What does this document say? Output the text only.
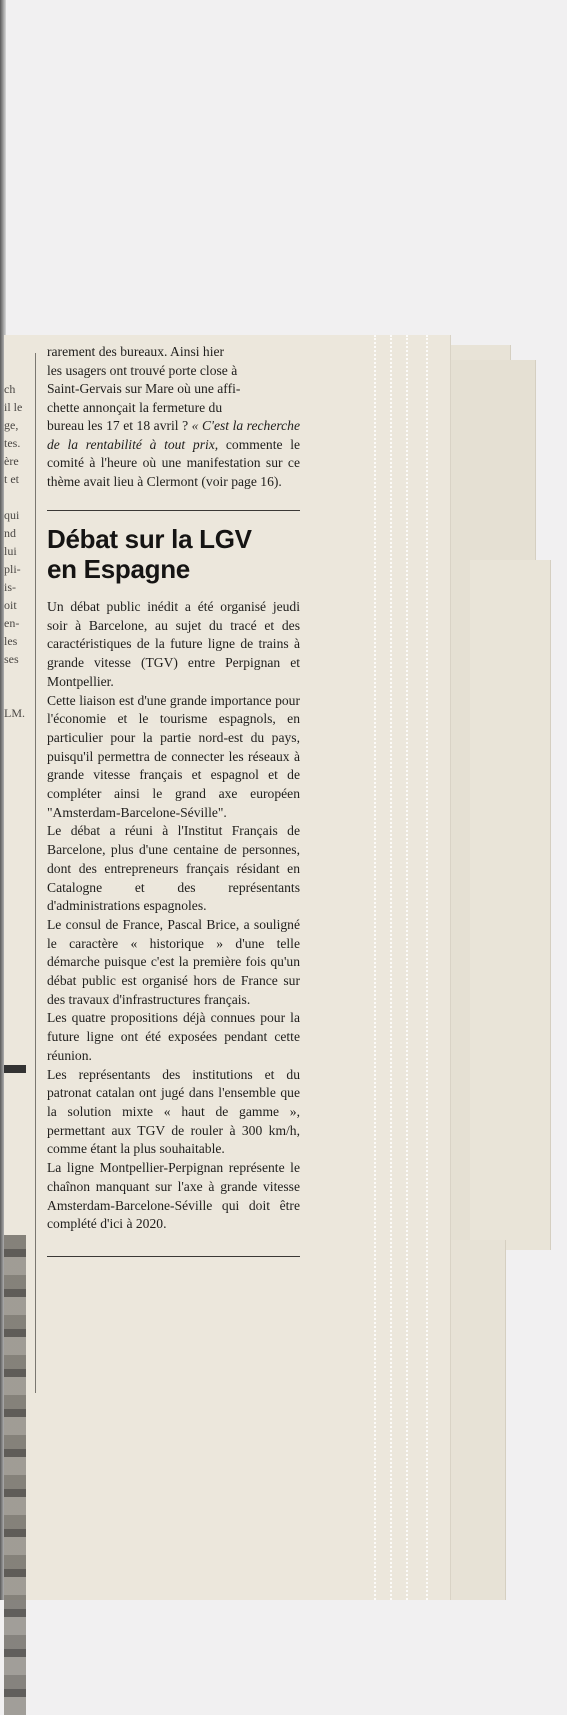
ch
il le
ge,
tes.
ère
t et

qui
nd
lui
pli-
is-
oit
en-
les
ses

LM.

rarement des bureaux. Ainsi hier

les usagers ont trouvé porte close à

Saint-Gervais sur Mare où une affi-

chette annonçait la fermeture du

bureau les 17 et 18 avril ? « C'est la recherche de la rentabilité à tout prix, commente le comité à l'heure où une manifestation sur ce thème avait lieu à Clermont (voir page 16).

Débat sur la LGV
en Espagne

Un débat public inédit a été organisé jeudi soir à Barcelone, au sujet du tracé et des caractéristiques de la future ligne de trains à grande vitesse (TGV) entre Perpignan et Montpellier.

Cette liaison est d'une grande importance pour l'économie et le tourisme espagnols, en particulier pour la partie nord-est du pays, puisqu'il permettra de connecter les réseaux à grande vitesse français et espagnol et de compléter ainsi le grand axe européen "Amsterdam-Barcelone-Séville".

Le débat a réuni à l'Institut Français de Barcelone, plus d'une centaine de personnes, dont des entrepreneurs français résidant en Catalogne et des représentants d'administrations espagnoles.

Le consul de France, Pascal Brice, a souligné le caractère « historique » d'une telle démarche puisque c'est la première fois qu'un débat public est organisé hors de France sur des travaux d'infrastructures français.

Les quatre propositions déjà connues pour la future ligne ont été exposées pendant cette réunion.

Les représentants des institutions et du patronat catalan ont jugé dans l'ensemble que la solution mixte « haut de gamme », permettant aux TGV de rouler à 300 km/h, comme étant la plus souhaitable.

La ligne Montpellier-Perpignan représente le chaînon manquant sur l'axe à grande vitesse Amsterdam-Barcelone-Séville qui doit être complété d'ici à 2020.
